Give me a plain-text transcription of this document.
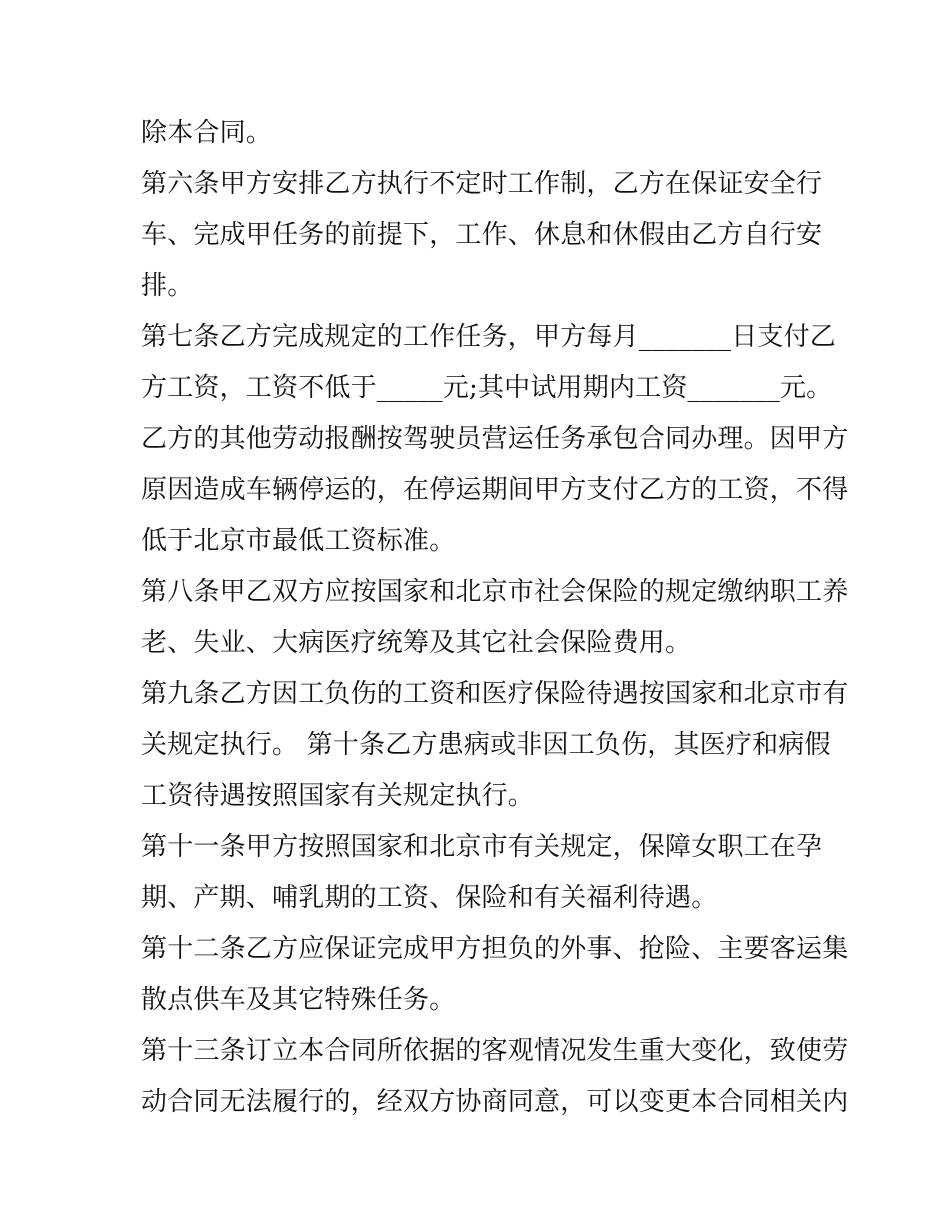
除本合同。
第六条甲方安排乙方执行不定时工作制，乙方在保证安全行
车、完成甲任务的前提下，工作、休息和休假由乙方自行安
排。
第七条乙方完成规定的工作任务，甲方每月_______日支付乙
方工资，工资不低于_____元;其中试用期内工资_______元。
乙方的其他劳动报酬按驾驶员营运任务承包合同办理。因甲方
原因造成车辆停运的，在停运期间甲方支付乙方的工资，不得
低于北京市最低工资标准。
第八条甲乙双方应按国家和北京市社会保险的规定缴纳职工养
老、失业、大病医疗统筹及其它社会保险费用。
第九条乙方因工负伤的工资和医疗保险待遇按国家和北京市有
关规定执行。 第十条乙方患病或非因工负伤，其医疗和病假
工资待遇按照国家有关规定执行。
第十一条甲方按照国家和北京市有关规定，保障女职工在孕
期、产期、哺乳期的工资、保险和有关福利待遇。
第十二条乙方应保证完成甲方担负的外事、抢险、主要客运集
散点供车及其它特殊任务。
第十三条订立本合同所依据的客观情况发生重大变化，致使劳
动合同无法履行的，经双方协商同意，可以变更本合同相关内
